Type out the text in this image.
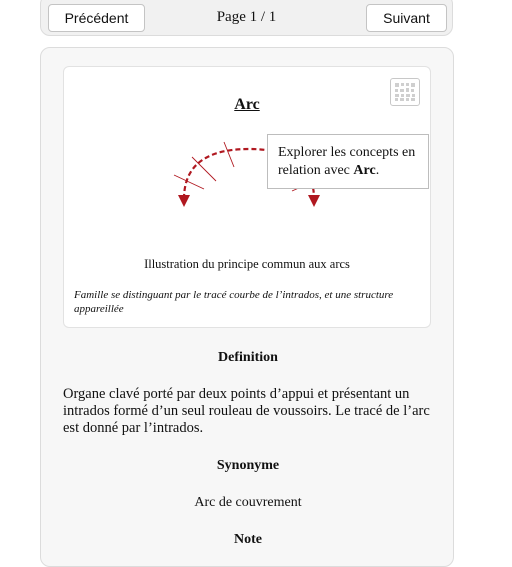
Précédent	Page 1 / 1	Suivant
Arc
Illustration du principe commun aux arcs
Famille se distinguant par le tracé courbe de l’intrados, et une structure appareillée
Explorer les concepts en relation avec Arc.
Definition
Organe clavé porté par deux points d’appui et présentant un intrados formé d’un seul rouleau de voussoirs. Le tracé de l’arc est donné par l’intrados.
Synonyme
Arc de couvrement
Note
